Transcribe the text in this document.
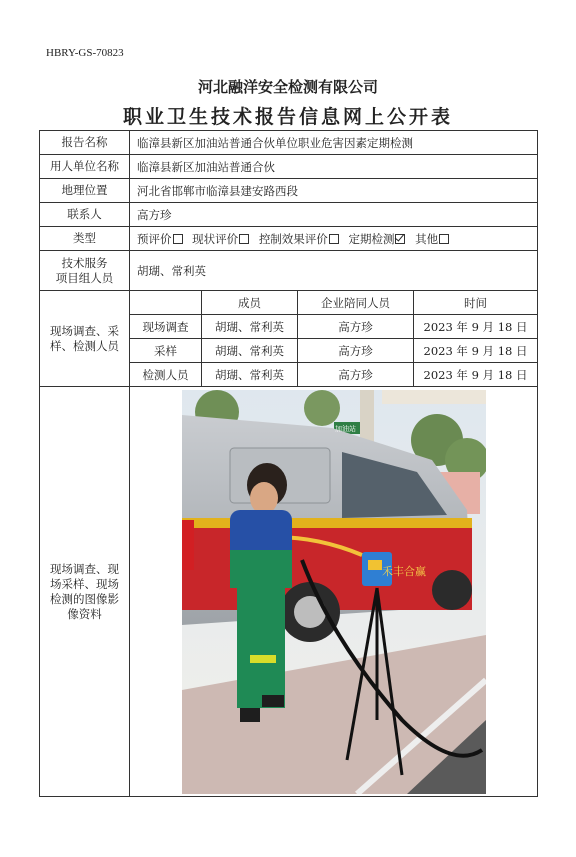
HBRY-GS-70823
河北融洋安全检测有限公司
职业卫生技术报告信息网上公开表
报告名称	临漳县新区加油站普通合伙单位职业危害因素定期检测			
用人单位名称	临漳县新区加油站普通合伙			
地理位置	河北省邯郸市临漳县建安路西段			
联系人	高方珍			
类型	预评价 现状评价 控制效果评价 定期检测 其他			
技术服务
项目组人员	胡瑚、常利英			
现场调查、采
样、检测人员		成员	企业陪同人员	时间
	现场调查	胡瑚、常利英	高方珍	2023 年 9 月 18 日
	采样	胡瑚、常利英	高方珍	2023 年 9 月 18 日
	检测人员	胡瑚、常利英	高方珍	2023 年 9 月 18 日
现场调查、现
场采样、现场
检测的图像影
像资料	禾丰合赢
加油站			
